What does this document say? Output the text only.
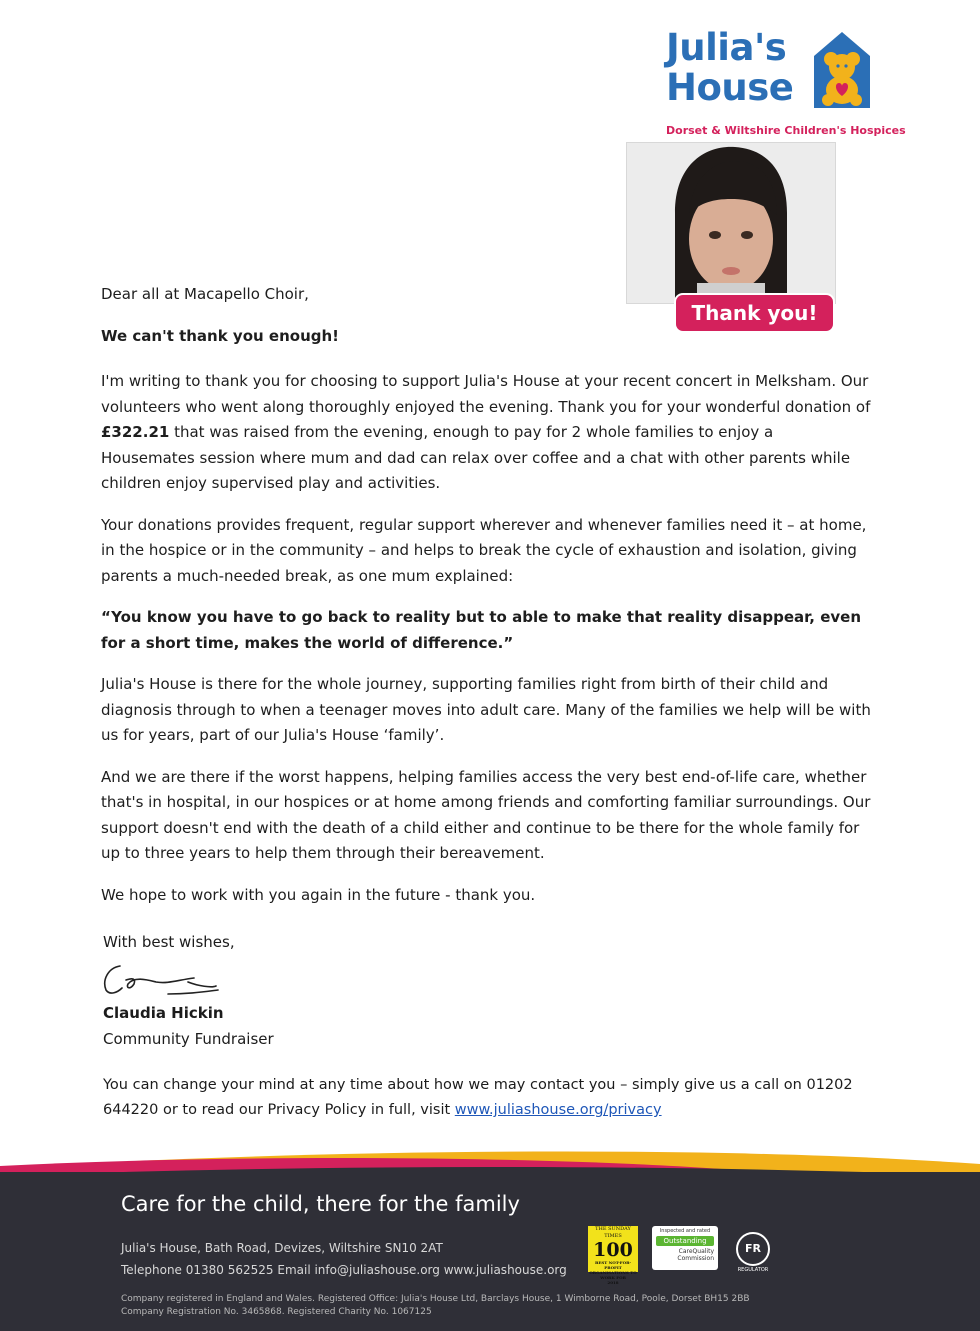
Julia's
House
Dorset & Wiltshire Children's Hospices
Thank you!

Dear all at Macapello Choir,

We can't thank you enough!

I'm writing to thank you for choosing to support Julia's House at your recent concert in Melksham. Our volunteers who went along thoroughly enjoyed the evening. Thank you for your wonderful donation of £322.21 that was raised from the evening, enough to pay for 2 whole families to enjoy a Housemates session where mum and dad can relax over coffee and a chat with other parents while children enjoy supervised play and activities.

Your donations provides frequent, regular support wherever and whenever families need it – at home, in the hospice or in the community – and helps to break the cycle of exhaustion and isolation, giving parents a much-needed break, as one mum explained:

“You know you have to go back to reality but to able to make that reality disappear, even for a short time, makes the world of difference.”

Julia's House is there for the whole journey, supporting families right from birth of their child and diagnosis through to when a teenager moves into adult care. Many of the families we help will be with us for years, part of our Julia's House ‘family’.

And we are there if the worst happens, helping families access the very best end-of-life care, whether that's in hospital, in our hospices or at home among friends and comforting familiar surroundings. Our support doesn't end with the death of a child either and continue to be there for the whole family for up to three years to help them through their bereavement.

We hope to work with you again in the future - thank you.

With best wishes,
Claudia Hickin
Community Fundraiser
You can change your mind at any time about how we may contact you – simply give us a call on 01202 644220 or to read our Privacy Policy in full, visit www.juliashouse.org/privacy
Care for the child, there for the family
Julia's House, Bath Road, Devizes, Wiltshire SN10 2AT
Telephone 01380 562525 Email info@juliashouse.org www.juliashouse.org
Company registered in England and Wales. Registered Office: Julia's House Ltd, Barclays House, 1 Wimborne Road, Poole, Dorset BH15 2BB
Company Registration No. 3465868. Registered Charity No. 1067125
THE SUNDAY TIMES
100
BEST NOT-FOR-PROFIT ORGANISATIONS TO WORK FOR
2018
Inspected and rated
Outstanding
CareQuality Commission
FR
REGULATOR
